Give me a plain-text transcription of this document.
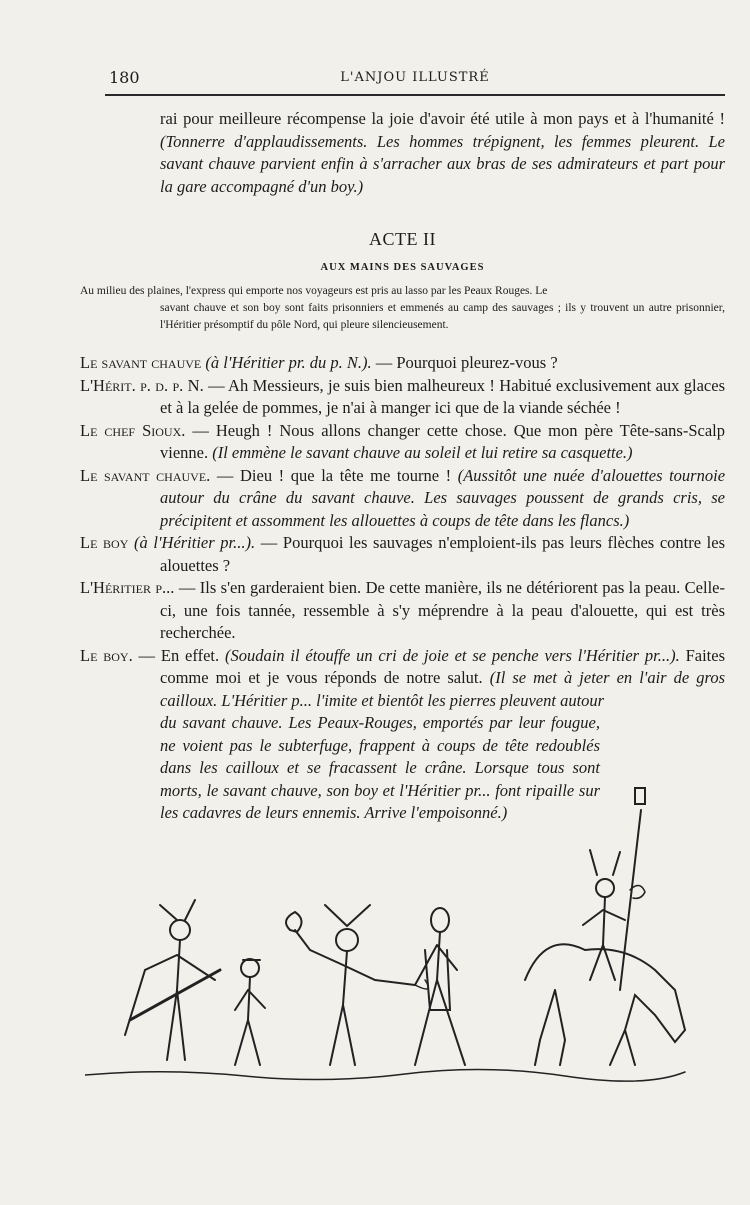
180	L'ANJOU ILLUSTRÉ

rai pour meilleure récompense la joie d'avoir été utile à mon pays et à l'humanité ! (Tonnerre d'applaudissements. Les hommes trépignent, les femmes pleurent. Le savant chauve parvient enfin à s'arracher aux bras de ses admirateurs et part pour la gare accompagné d'un boy.)

ACTE II
AUX MAINS DES SAUVAGES
Au milieu des plaines, l'express qui emporte nos voyageurs est pris au lasso par les Peaux Rouges. Le
savant chauve et son boy sont faits prisonniers et emmenés au camp des sauvages ; ils y trouvent un autre prisonnier, l'Héritier présomptif du pôle Nord, qui pleure silencieusement.

Le savant chauve (à l'Héritier pr. du p. N.). — Pourquoi pleurez-vous ?

L'Hérit. p. d. p. N. — Ah Messieurs, je suis bien malheureux ! Habitué exclusivement aux glaces et à la gelée de pommes, je n'ai à manger ici que de la viande séchée !

Le chef Sioux. — Heugh ! Nous allons changer cette chose. Que mon père Tête-sans-Scalp vienne. (Il emmène le savant chauve au soleil et lui retire sa casquette.)

Le savant chauve. — Dieu ! que la tête me tourne ! (Aussitôt une nuée d'alouettes tournoie autour du crâne du savant chauve. Les sauvages poussent de grands cris, se précipitent et assomment les allouettes à coups de tête dans les flancs.)

Le boy (à l'Héritier pr...). — Pourquoi les sauvages n'emploient-ils pas leurs flèches contre les alouettes ?

L'Héritier p... — Ils s'en garderaient bien. De cette manière, ils ne détériorent pas la peau. Celle-ci, une fois tannée, ressemble à s'y méprendre à la peau d'alouette, qui est très recherchée.

Le boy. — En effet. (Soudain il étouffe un cri de joie et se penche vers l'Héritier pr...). Faites comme moi et je vous réponds de notre salut. (Il se met à jeter en l'air de gros cailloux. L'Héritier p... l'imite et bientôt les pierres pleuvent autour

du savant chauve. Les Peaux-Rouges, emportés par leur fougue, ne voient pas le subterfuge, frappent à coups de tête redoublés dans les cailloux et se fracassent le crâne. Lorsque tous sont morts, le savant chauve, son boy et l'Héritier pr... font ripaille sur les cadavres de leurs ennemis. Arrive l'empoisonné.)
